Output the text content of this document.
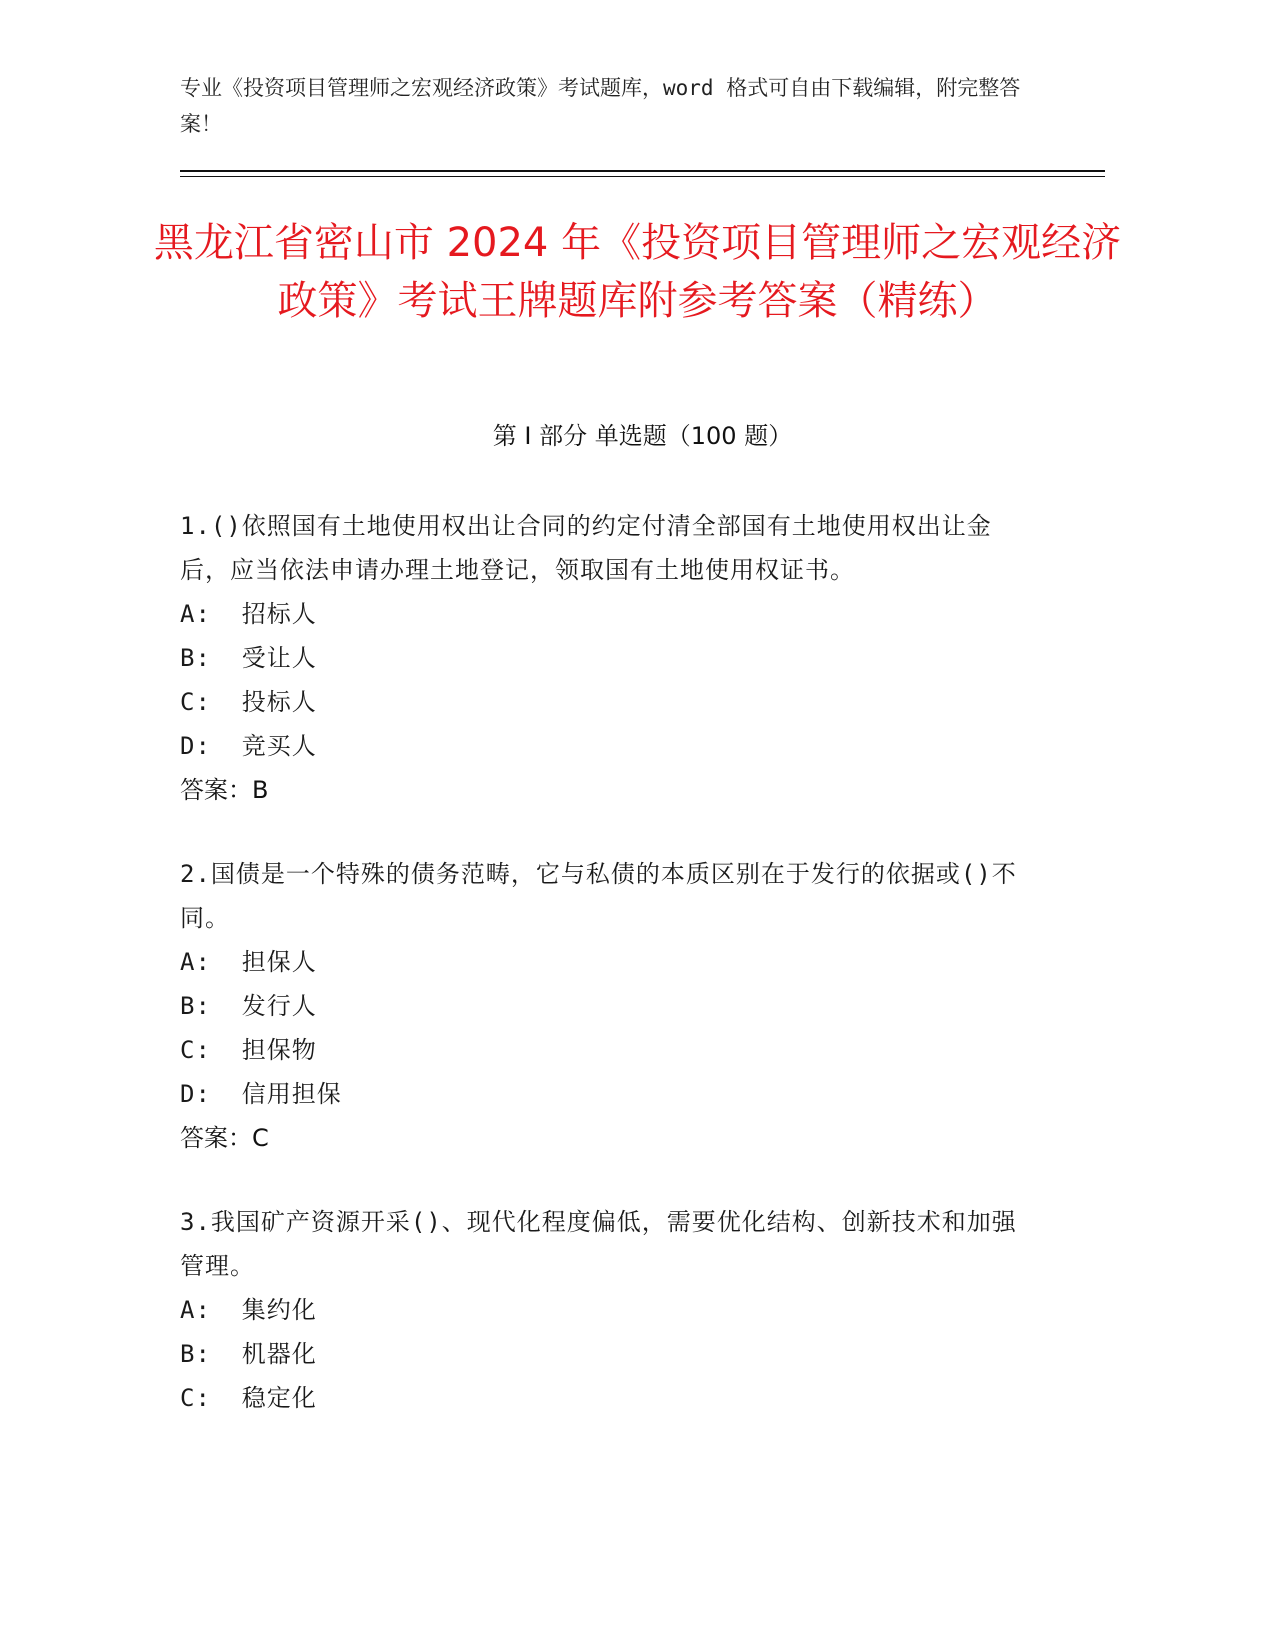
专业《投资项目管理师之宏观经济政策》考试题库，word 格式可自由下载编辑，附完整答案！
黑龙江省密山市 2024 年《投资项目管理师之宏观经济政策》考试王牌题库附参考答案（精练）
第 I 部分 单选题（100 题）
1.()依照国有土地使用权出让合同的约定付清全部国有土地使用权出让金后，应当依法申请办理土地登记，领取国有土地使用权证书。
A:  招标人
B:  受让人
C:  投标人
D:  竞买人
答案：B
2.国债是一个特殊的债务范畴，它与私债的本质区别在于发行的依据或()不同。
A:  担保人
B:  发行人
C:  担保物
D:  信用担保
答案：C
3.我国矿产资源开采()、现代化程度偏低，需要优化结构、创新技术和加强管理。
A:  集约化
B:  机器化
C:  稳定化
